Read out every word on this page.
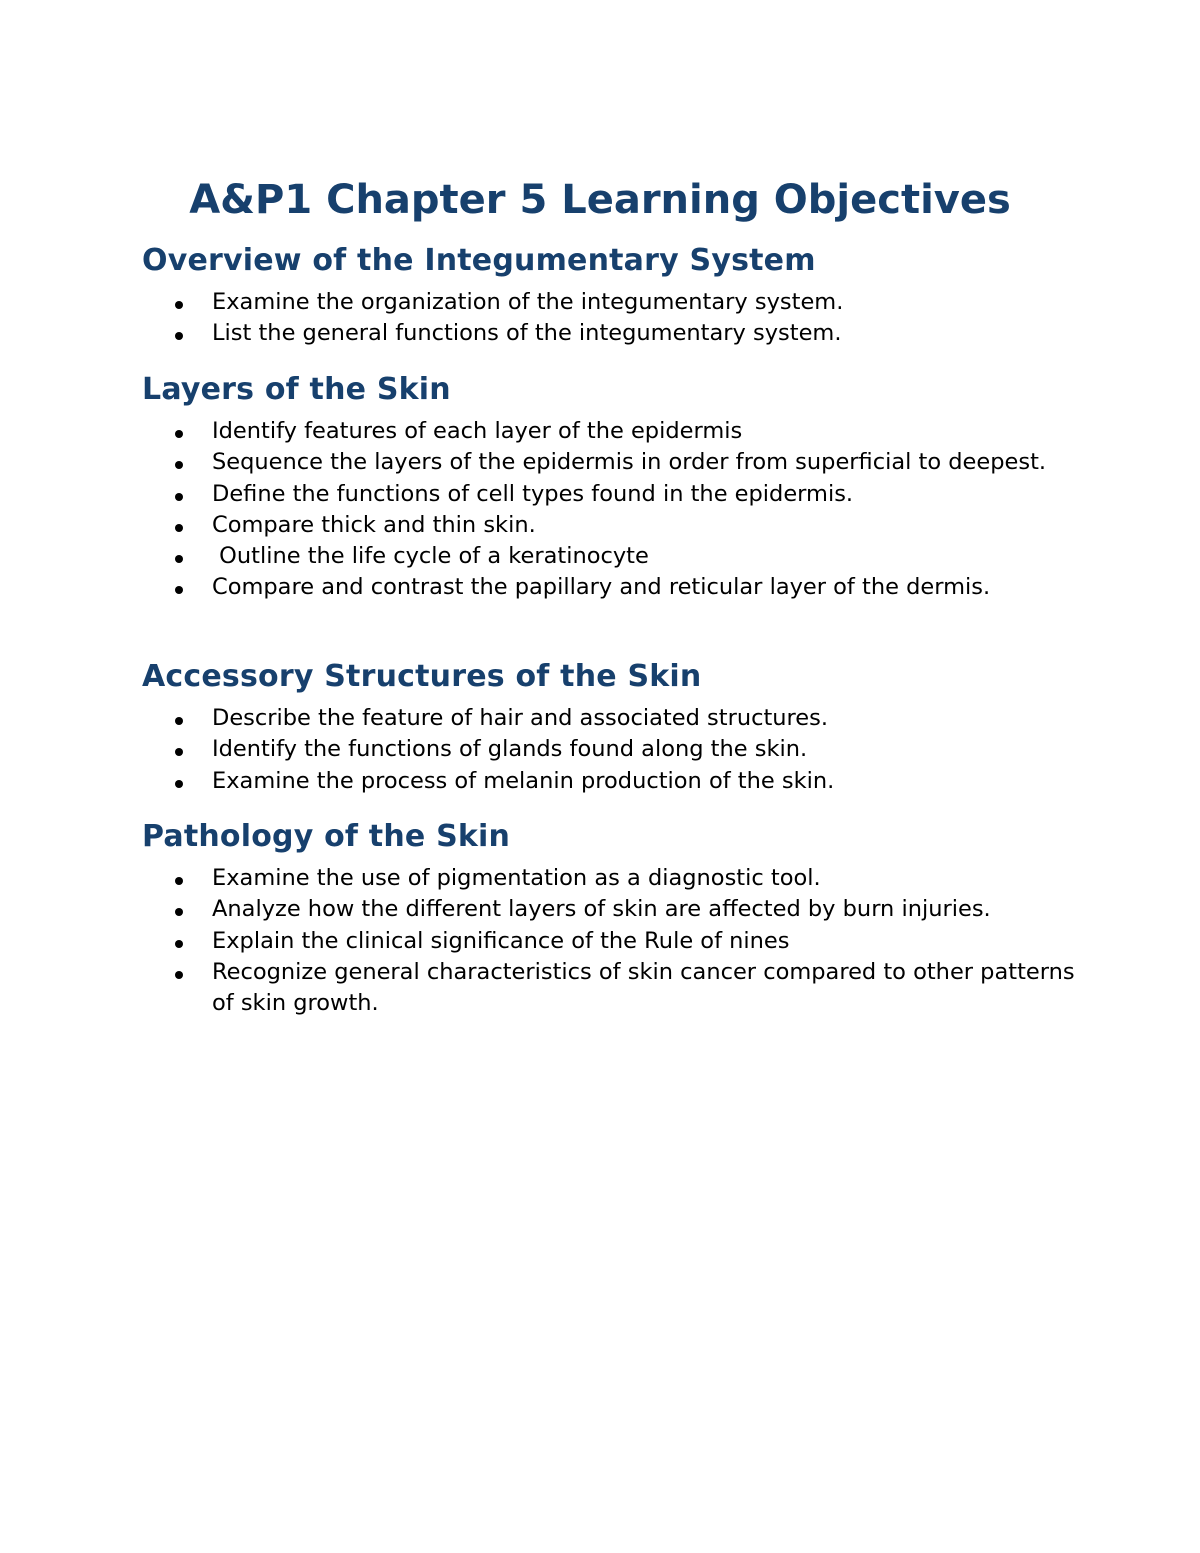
A&P1 Chapter 5 Learning Objectives
Overview of the Integumentary System
Examine the organization of the integumentary system.
List the general functions of the integumentary system.
Layers of the Skin
Identify features of each layer of the epidermis
Sequence the layers of the epidermis in order from superficial to deepest.
Define the functions of cell types found in the epidermis.
Compare thick and thin skin.
Outline the life cycle of a keratinocyte
Compare and contrast the papillary and reticular layer of the dermis.
Accessory Structures of the Skin
Describe the feature of hair and associated structures.
Identify the functions of glands found along the skin.
Examine the process of melanin production of the skin.
Pathology of the Skin
Examine the use of pigmentation as a diagnostic tool.
Analyze how the different layers of skin are affected by burn injuries.
Explain the clinical significance of the Rule of nines
Recognize general characteristics of skin cancer compared to other patterns of skin growth.
